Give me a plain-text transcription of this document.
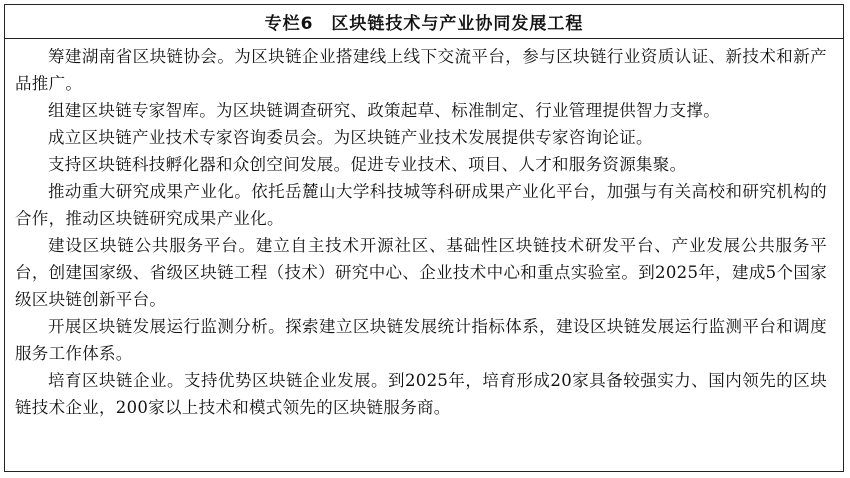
专栏6 区块链技术与产业协同发展工程

筹建湖南省区块链协会。为区块链企业搭建线上线下交流平台，参与区块链行业资质认证、新技术和新产品推广。

组建区块链专家智库。为区块链调查研究、政策起草、标准制定、行业管理提供智力支撑。

成立区块链产业技术专家咨询委员会。为区块链产业技术发展提供专家咨询论证。

支持区块链科技孵化器和众创空间发展。促进专业技术、项目、人才和服务资源集聚。

推动重大研究成果产业化。依托岳麓山大学科技城等科研成果产业化平台，加强与有关高校和研究机构的合作，推动区块链研究成果产业化。

建设区块链公共服务平台。建立自主技术开源社区、基础性区块链技术研发平台、产业发展公共服务平台，创建国家级、省级区块链工程（技术）研究中心、企业技术中心和重点实验室。到2025年，建成5个国家级区块链创新平台。

开展区块链发展运行监测分析。探索建立区块链发展统计指标体系，建设区块链发展运行监测平台和调度服务工作体系。

培育区块链企业。支持优势区块链企业发展。到2025年，培育形成20家具备较强实力、国内领先的区块链技术企业，200家以上技术和模式领先的区块链服务商。
